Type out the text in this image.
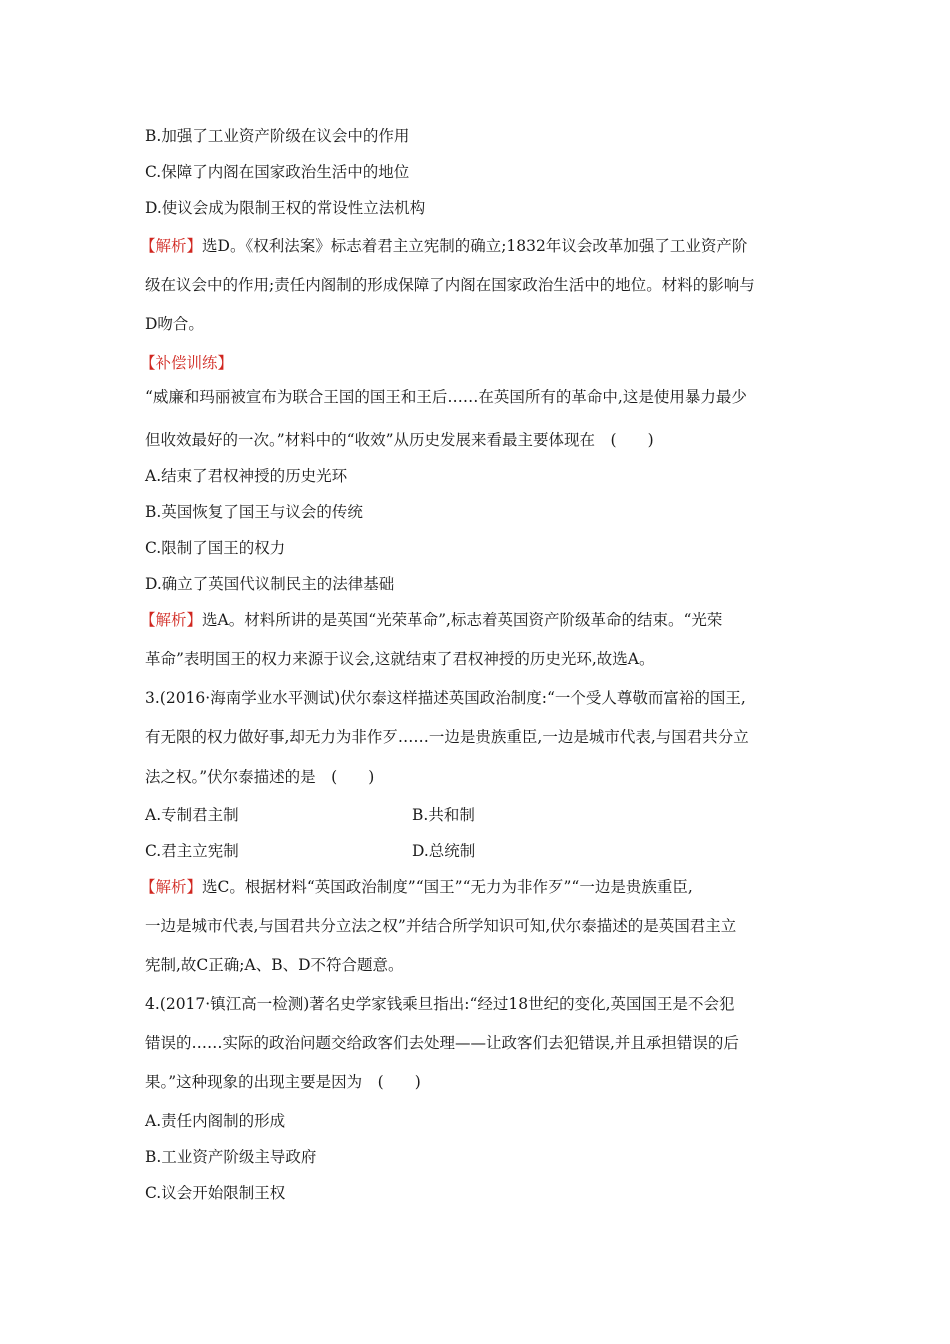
B.加强了工业资产阶级在议会中的作用
C.保障了内阁在国家政治生活中的地位
D.使议会成为限制王权的常设性立法机构
【解析】选D。《权利法案》标志着君主立宪制的确立;1832年议会改革加强了工业资产阶
级在议会中的作用;责任内阁制的形成保障了内阁在国家政治生活中的地位。材料的影响与
D吻合。
【补偿训练】
“威廉和玛丽被宣布为联合王国的国王和王后……在英国所有的革命中,这是使用暴力最少
但收效最好的一次。”材料中的“收效”从历史发展来看最主要体现在　(　　)
A.结束了君权神授的历史光环
B.英国恢复了国王与议会的传统
C.限制了国王的权力
D.确立了英国代议制民主的法律基础
【解析】选A。材料所讲的是英国“光荣革命”,标志着英国资产阶级革命的结束。“光荣
革命”表明国王的权力来源于议会,这就结束了君权神授的历史光环,故选A。
3.(2016·海南学业水平测试)伏尔泰这样描述英国政治制度:“一个受人尊敬而富裕的国王,
有无限的权力做好事,却无力为非作歹……一边是贵族重臣,一边是城市代表,与国君共分立
法之权。”伏尔泰描述的是　(　　)
A.专制君主制	B.共和制
C.君主立宪制	D.总统制
【解析】选C。根据材料“英国政治制度”“国王”“无力为非作歹”“一边是贵族重臣,
一边是城市代表,与国君共分立法之权”并结合所学知识可知,伏尔泰描述的是英国君主立
宪制,故C正确;A、B、D不符合题意。
4.(2017·镇江高一检测)著名史学家钱乘旦指出:“经过18世纪的变化,英国国王是不会犯
错误的……实际的政治问题交给政客们去处理——让政客们去犯错误,并且承担错误的后
果。”这种现象的出现主要是因为　(　　)
A.责任内阁制的形成
B.工业资产阶级主导政府
C.议会开始限制王权
